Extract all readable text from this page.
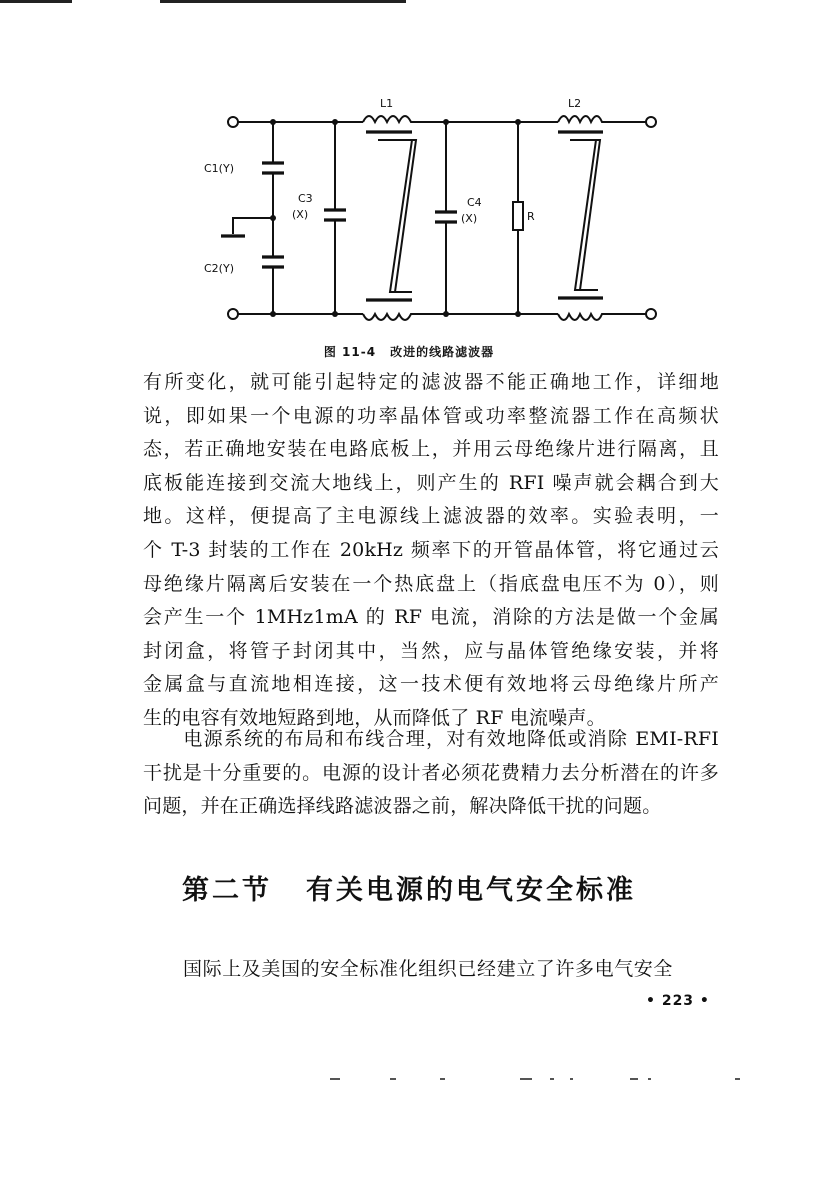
L1	L2
C1(Y)
C2(Y)
C3
(X)
C4
(X)	R
图 11-4 改进的线路滤波器
有所变化，就可能引起特定的滤波器不能正确地工作，详细地
说，即如果一个电源的功率晶体管或功率整流器工作在高频状
态，若正确地安装在电路底板上，并用云母绝缘片进行隔离，且
底板能连接到交流大地线上，则产生的 RFI 噪声就会耦合到大
地。这样，便提高了主电源线上滤波器的效率。实验表明，一
个 T-3 封装的工作在 20kHz 频率下的开管晶体管，将它通过云
母绝缘片隔离后安装在一个热底盘上（指底盘电压不为 0），则
会产生一个 1MHz1mA 的 RF 电流，消除的方法是做一个金属
封闭盒，将管子封闭其中，当然，应与晶体管绝缘安装，并将
金属盒与直流地相连接，这一技术便有效地将云母绝缘片所产
生的电容有效地短路到地，从而降低了 RF 电流噪声。
　　电源系统的布局和布线合理，对有效地降低或消除 EMI-RFI
干扰是十分重要的。电源的设计者必须花费精力去分析潜在的许多
问题，并在正确选择线路滤波器之前，解决降低干扰的问题。
第二节 有关电源的电气安全标准
国际上及美国的安全标准化组织已经建立了许多电气安全
• 223 •
